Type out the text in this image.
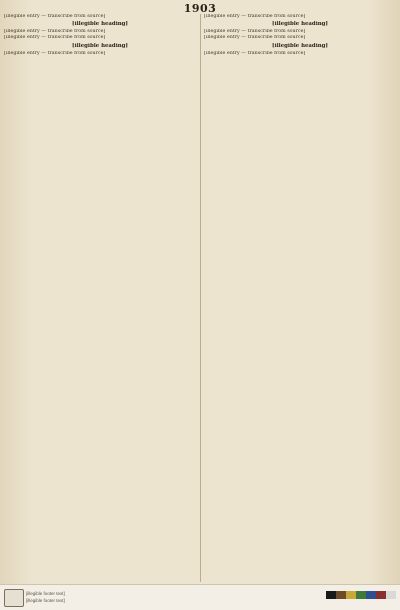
1903
[illegible entry — transcribe from source]
[illegible heading]
[illegible entry — transcribe from source]
[illegible entry — transcribe from source]
[illegible heading]
[illegible entry — transcribe from source]
[illegible entry — transcribe from source]
[illegible heading]
[illegible entry — transcribe from source]
[illegible entry — transcribe from source]
[illegible heading]
[illegible entry — transcribe from source]
[illegible footer text]
[illegible footer text]
